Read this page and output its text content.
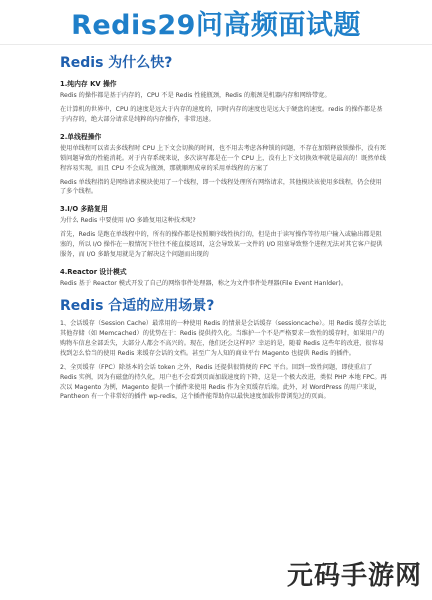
Redis29问高频面试题
Redis 为什么快?
1.纯内存 KV 操作

Redis 的操作都是基于内存的，CPU 不是 Redis 性能瓶颈，Redis 的瓶颈是机器内存和网络带宽。

在计算机的世界中，CPU 的速度是远大于内存的速度的，同时内存的速度也是远大于硬盘的速度。redis 的操作都是基于内存的，绝大部分请求是纯粹的内存操作，非常迅速。

2.单线程操作

使用单线程可以省去多线程时 CPU 上下文会切换的时间，也不用去考虑各种锁的问题，不存在加锁释放锁操作，没有死锁问题导致的性能消耗。对于内存系统来说，多次读写都是在一个 CPU 上，没有上下文切换效率就是最高的！既然单线程容易实现，而且 CPU 不会成为瓶颈，那就顺理成章的采用单线程的方案了

Redis 单线程指的是网络请求模块使用了一个线程，即一个线程处理所有网络请求，其他模块该使用多线程，仍会使用了多个线程。

3.I/O 多路复用

为什么 Redis 中要使用 I/O 多路复用这种技术呢?

首先，Redis 是跑在单线程中的，所有的操作都是按照顺序线性执行的，但是由于读写操作等待用户输入或输出都是阻塞的，所以 I/O 操作在一般情况下往往不能直接返回，这会导致某一文件的 I/O 阻塞导致整个进程无法对其它客户提供服务，而 I/O 多路复用就是为了解决这个问题而出现的

4.Reactor 设计模式

Redis 基于 Reactor 模式开发了自己的网络事件处理器，称之为文件事件处理器(File Event Hanlder)。

Redis 合适的应用场景?

1、会话缓存（Session Cache）最常用的一种使用 Redis 的情景是会话缓存（sessioncache）。用 Redis 缓存会话比其他存储（如 Memcached）的优势在于：Redis 提供持久化。当维护一个不是严格要求一致性的缓存时，如果用户的购物车信息全部丢失，大部分人都会不高兴的。现在，他们还会这样吗？幸运的是，随着 Redis 这些年的改进，很容易找到怎么恰当的使用 Redis 来缓存会话的文档。甚至广为人知的商业平台 Magento 也提供 Redis 的插件。

2、全页缓存（FPC）除基本的会话 token 之外，Redis 还提供很简便的 FPC 平台。回到一致性问题，即使重启了 Redis 实例，因为有磁盘的持久化，用户也不会看到页面加载速度的下降，这是一个极大改进，类似 PHP 本地 FPC。再次以 Magento 为例，Magento 提供一个插件来使用 Redis 作为全页缓存后端。此外，对 WordPress 的用户来说，Pantheon 有一个非常好的插件 wp-redis，这个插件能帮助你以最快速度加载你曾浏览过的页面。

元码手游网
